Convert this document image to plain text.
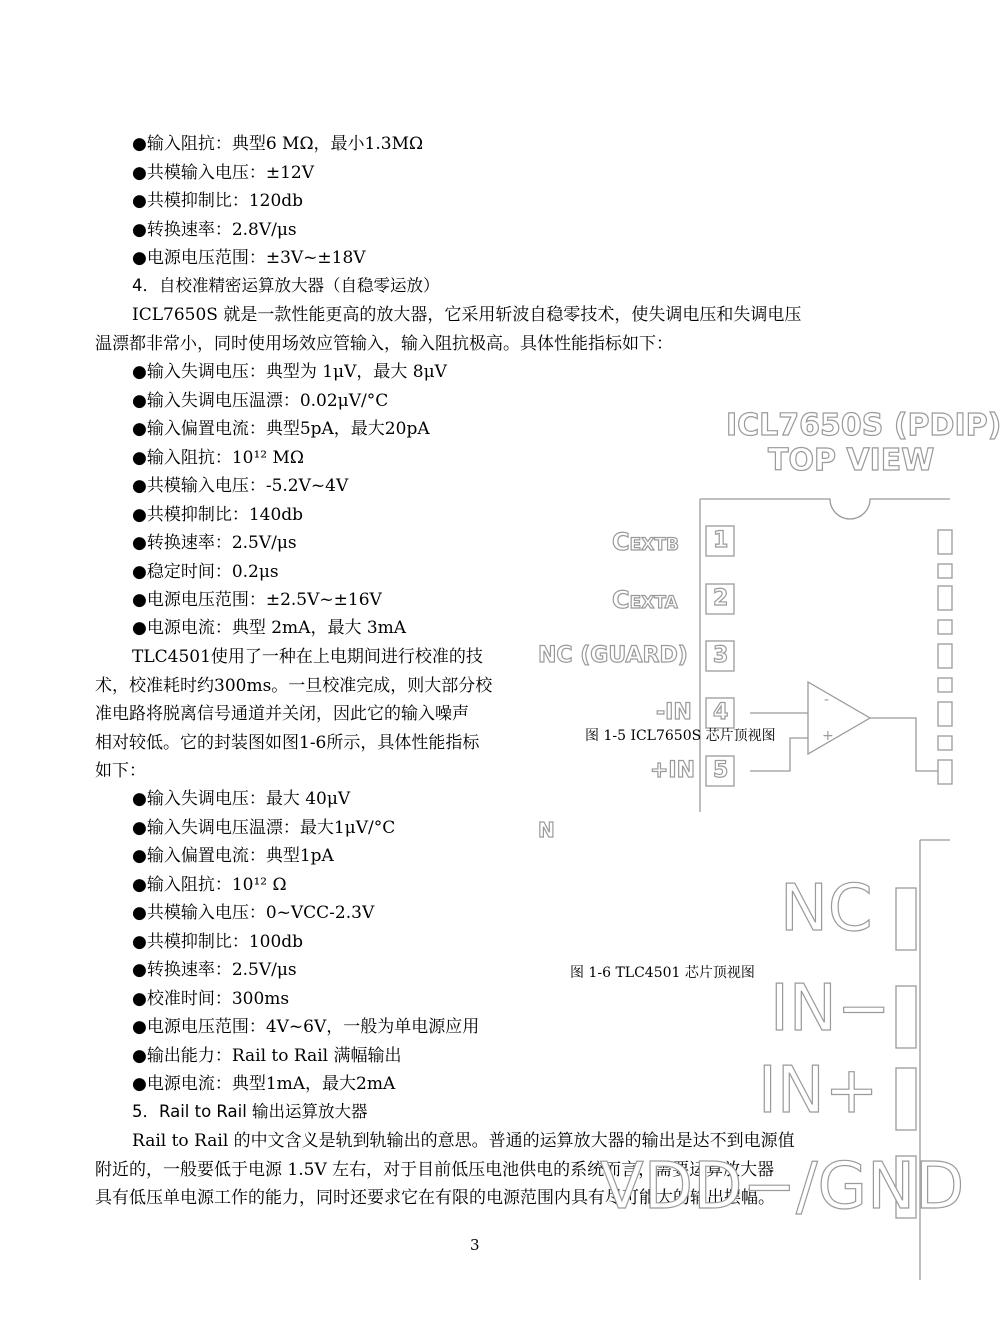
●输入阻抗：典型6 MΩ，最小1.3MΩ
●共模输入电压：±12V
●共模抑制比：120db
●转换速率：2.8V/μs
●电源电压范围：±3V~±18V
4．自校准精密运算放大器（自稳零运放）
ICL7650S 就是一款性能更高的放大器，它采用斩波自稳零技术，使失调电压和失调电压
温漂都非常小，同时使用场效应管输入，输入阻抗极高。具体性能指标如下：
●输入失调电压：典型为 1μV，最大 8μV
●输入失调电压温漂：0.02μV/°C
●输入偏置电流：典型5pA，最大20pA
●输入阻抗：10¹² MΩ
●共模输入电压：-5.2V~4V
●共模抑制比：140db
●转换速率：2.5V/μs
●稳定时间：0.2μs
●电源电压范围：±2.5V~±16V
●电源电流：典型 2mA，最大 3mA
TLC4501使用了一种在上电期间进行校准的技
术，校准耗时约300ms。一旦校准完成，则大部分校
准电路将脱离信号通道并关闭，因此它的输入噪声
相对较低。它的封装图如图1-6所示，具体性能指标
如下：
●输入失调电压：最大 40μV
●输入失调电压温漂：最大1μV/°C
●输入偏置电流：典型1pA
●输入阻抗：10¹² Ω
●共模输入电压：0~VCC-2.3V
●共模抑制比：100db
●转换速率：2.5V/μs
●校准时间：300ms
●电源电压范围：4V~6V，一般为单电源应用
●输出能力：Rail to Rail 满幅输出
●电源电流：典型1mA，最大2mA
5．Rail to Rail 输出运算放大器
Rail to Rail 的中文含义是轨到轨输出的意思。普通的运算放大器的输出是达不到电源值
附近的，一般要低于电源 1.5V 左右，对于目前低压电池供电的系统而言，需要运算放大器
具有低压单电源工作的能力，同时还要求它在有限的电源范围内具有尽可能大的输出摆幅。
ICL7650S (PDIP)
TOP VIEW
-
+
CEXTB
CEXTA
NC (GUARD)
-IN
+IN
N
1
2
3
4
5
图 1-5 ICL7650S 芯片顶视图
NC
IN−
IN+
VDD−/GND
图 1-6 TLC4501 芯片顶视图
3
